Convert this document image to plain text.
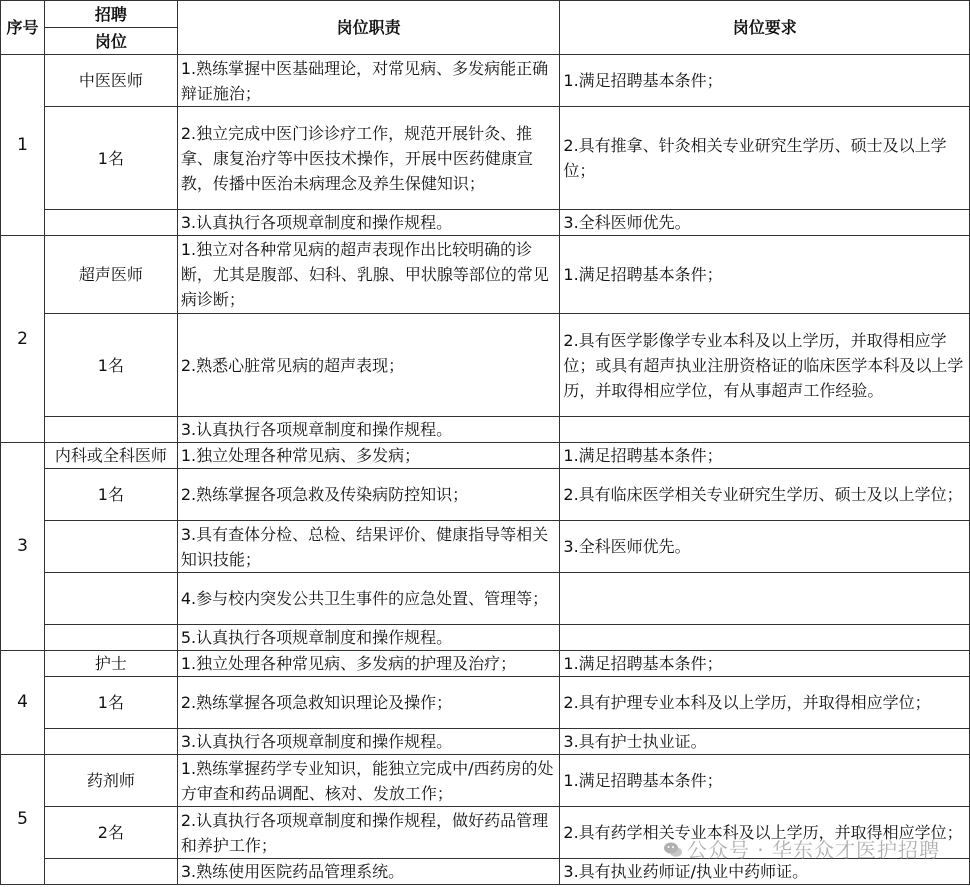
序号	招聘	岗位职责	岗位要求
	岗位		
1	中医医师	1.熟练掌握中医基础理论，对常见病、多发病能正确辩证施治；	1.满足招聘基本条件；
	1名	2.独立完成中医门诊诊疗工作，规范开展针灸、推拿、康复治疗等中医技术操作，开展中医药健康宣教，传播中医治未病理念及养生保健知识；	2.具有推拿、针灸相关专业研究生学历、硕士及以上学位；
		3.认真执行各项规章制度和操作规程。	3.全科医师优先。
2	超声医师	1.独立对各种常见病的超声表现作出比较明确的诊断，尤其是腹部、妇科、乳腺、甲状腺等部位的常见病诊断；	1.满足招聘基本条件；
	1名	2.熟悉心脏常见病的超声表现；	2.具有医学影像学专业本科及以上学历，并取得相应学位；或具有超声执业注册资格证的临床医学本科及以上学历，并取得相应学位，有从事超声工作经验。
		3.认真执行各项规章制度和操作规程。	
3	内科或全科医师	1.独立处理各种常见病、多发病；	1.满足招聘基本条件；
	1名	2.熟练掌握各项急救及传染病防控知识；	2.具有临床医学相关专业研究生学历、硕士及以上学位；
		3.具有查体分检、总检、结果评价、健康指导等相关知识技能；	3.全科医师优先。
		4.参与校内突发公共卫生事件的应急处置、管理等；	
		5.认真执行各项规章制度和操作规程。	
4	护士	1.独立处理各种常见病、多发病的护理及治疗；	1.满足招聘基本条件；
	1名	2.熟练掌握各项急救知识理论及操作；	2.具有护理专业本科及以上学历，并取得相应学位；
		3.认真执行各项规章制度和操作规程。	3.具有护士执业证。
5	药剂师	1.熟练掌握药学专业知识，能独立完成中/西药房的处方审查和药品调配、核对、发放工作；	1.满足招聘基本条件；
	2名	2.认真执行各项规章制度和操作规程，做好药品管理和养护工作；	2.具有药学相关专业本科及以上学历，并取得相应学位；
		3.熟练使用医院药品管理系统。	3.具有执业药师证/执业中药师证。
公众号 · 华东众才医护招聘
